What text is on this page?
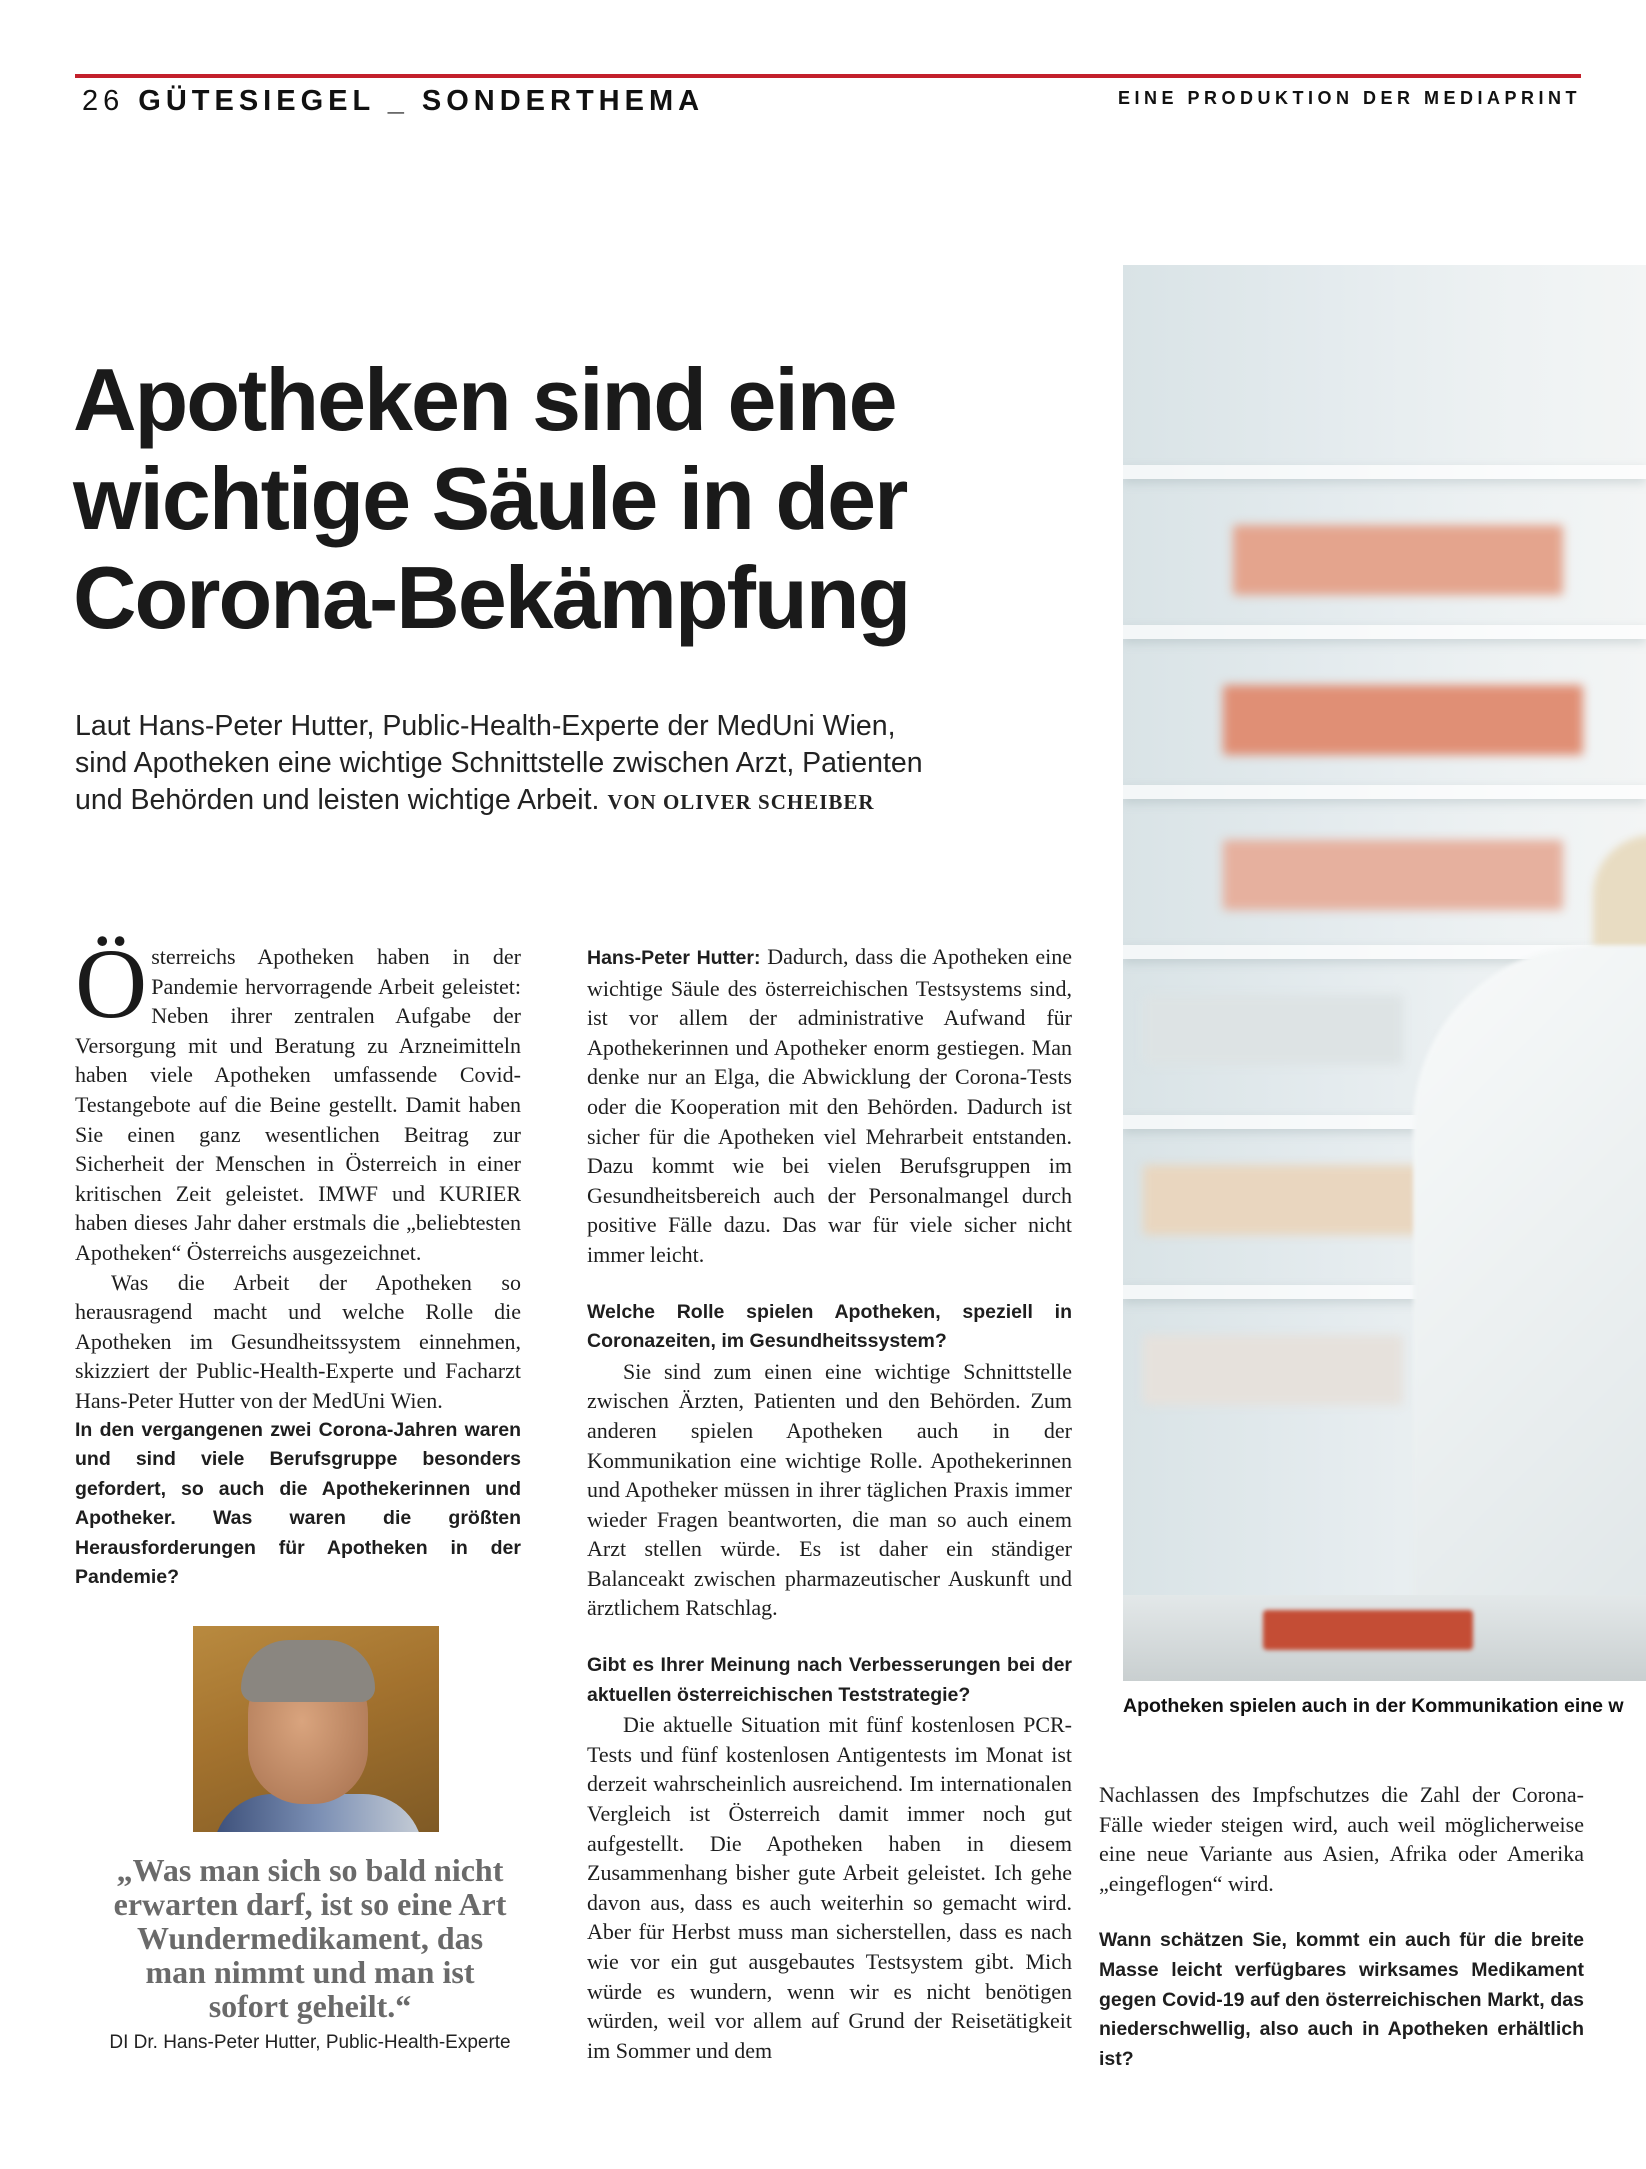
26 GÜTESIEGEL _ SONDERTHEMA	EINE PRODUKTION DER MEDIAPRINT
Apotheken sind eine
wichtige Säule in der
Corona-Bekämpfung
Laut Hans-Peter Hutter, Public-Health-Experte der MedUni Wien,
sind Apotheken eine wichtige Schnittstelle zwischen Arzt, Patienten
und Behörden und leisten wichtige Arbeit. VON OLIVER SCHEIBER

Österreichs Apotheken haben in der Pandemie hervorragende Arbeit geleistet: Neben ihrer zentralen Aufgabe der Versorgung mit und Beratung zu Arzneimitteln haben viele Apotheken umfassende Covid-Testangebote auf die Beine gestellt. Damit haben Sie einen ganz wesentlichen Beitrag zur Sicherheit der Menschen in Österreich in einer kritischen Zeit geleistet. IMWF und KURIER haben dieses Jahr daher erstmals die „beliebtesten Apotheken“ Österreichs ausgezeichnet.

Was die Arbeit der Apotheken so herausragend macht und welche Rolle die Apotheken im Gesundheitssystem einnehmen, skizziert der Public-Health-Experte und Facharzt Hans-Peter Hutter von der MedUni Wien.

In den vergangenen zwei Corona-Jahren waren und sind viele Berufsgruppe besonders gefordert, so auch die Apothekerinnen und Apotheker. Was waren die größten Herausforderungen für Apotheken in der Pandemie?

Hans-Peter Hutter: Dadurch, dass die Apotheken eine wichtige Säule des österreichischen Testsystems sind, ist vor allem der administrative Aufwand für Apothekerinnen und Apotheker enorm gestiegen. Man denke nur an Elga, die Abwicklung der Corona-Tests oder die Kooperation mit den Behörden. Dadurch ist sicher für die Apotheken viel Mehrarbeit entstanden. Dazu kommt wie bei vielen Berufsgruppen im Gesundheitsbereich auch der Personalmangel durch positive Fälle dazu. Das war für viele sicher nicht immer leicht.

Welche Rolle spielen Apotheken, speziell in Coronazeiten, im Gesundheitssystem?

Sie sind zum einen eine wichtige Schnittstelle zwischen Ärzten, Patienten und den Behörden. Zum anderen spielen Apotheken auch in der Kommunikation eine wichtige Rolle. Apothekerinnen und Apotheker müssen in ihrer täglichen Praxis immer wieder Fragen beantworten, die man so auch einem Arzt stellen würde. Es ist daher ein ständiger Balanceakt zwischen pharmazeutischer Auskunft und ärztlichem Ratschlag.

Gibt es Ihrer Meinung nach Verbesserungen bei der aktuellen österreichischen Teststrategie?

Die aktuelle Situation mit fünf kostenlosen PCR-Tests und fünf kostenlosen Antigentests im Monat ist derzeit wahrscheinlich ausreichend. Im internationalen Vergleich ist Österreich damit immer noch gut aufgestellt. Die Apotheken haben in diesem Zusammenhang bisher gute Arbeit geleistet. Ich gehe davon aus, dass es auch weiterhin so gemacht wird. Aber für Herbst muss man sicherstellen, dass es nach wie vor ein gut ausgebautes Testsystem gibt. Mich würde es wundern, wenn wir es nicht benötigen würden, weil vor allem auf Grund der Reisetätigkeit im Sommer und dem

Nachlassen des Impfschutzes die Zahl der Corona-Fälle wieder steigen wird, auch weil möglicherweise eine neue Variante aus Asien, Afrika oder Amerika „eingeflogen“ wird.

Wann schätzen Sie, kommt ein auch für die breite Masse leicht verfügbares wirksames Medikament gegen Covid-19 auf den österreichischen Markt, das niederschwellig, also auch in Apotheken erhältlich ist?

Apotheken spielen auch in der Kommunikation eine w
„Was man sich so bald nicht
erwarten darf, ist so eine Art
Wundermedikament, das
man nimmt und man ist
sofort geheilt.“
DI Dr. Hans-Peter Hutter, Public-Health-Experte
